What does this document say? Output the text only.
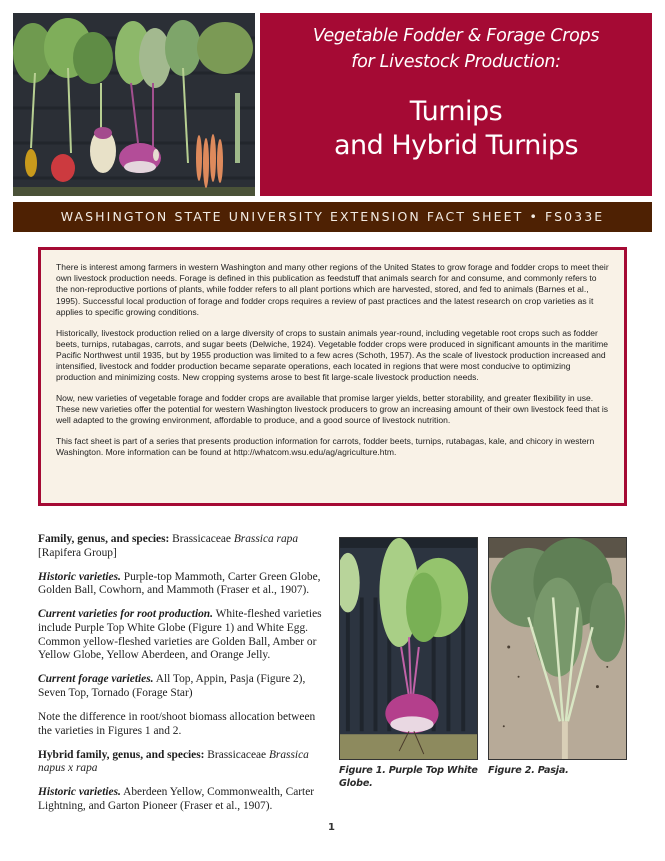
Vegetable Fodder & Forage Crops
for Livestock Production:
Turnips
and Hybrid Turnips
WASHINGTON STATE UNIVERSITY EXTENSION FACT SHEET • FS033E

There is interest among farmers in western Washington and many other regions of the United States to grow forage and fodder crops to meet their own livestock production needs. Forage is defined in this publication as feedstuff that animals search for and consume, and commonly refers to the non-reproductive portions of plants, while fodder refers to all plant portions which are harvested, stored, and fed to animals (Barnes et al., 1995). Successful local production of forage and fodder crops requires a review of past practices and the latest research on crop varieties as it applies to specific growing conditions.

Historically, livestock production relied on a large diversity of crops to sustain animals year-round, including vegetable root crops such as fodder beets, turnips, rutabagas, carrots, and sugar beets (Delwiche, 1924). Vegetable fodder crops were produced in significant amounts in the maritime Pacific Northwest until 1935, but by 1955 production was limited to a few acres (Schoth, 1957). As the scale of livestock production increased and intensified, livestock and fodder production became separate operations, each located in regions that were most conducive to optimizing production and minimizing costs. New cropping systems arose to best fit large-scale livestock production needs.

Now, new varieties of vegetable forage and fodder crops are available that promise larger yields, better storability, and greater flexibility in use. These new varieties offer the potential for western Washington livestock producers to grow an increasing amount of their own livestock feed that is well adapted to the growing environment, affordable to produce, and a good source of livestock nutrition.

This fact sheet is part of a series that presents production information for carrots, fodder beets, turnips, rutabagas, kale, and chicory in western Washington. More information can be found at http://whatcom.wsu.edu/ag/agriculture.htm.

Family, genus, and species: Brassicaceae Brassica rapa [Rapifera Group]

Historic varieties. Purple-top Mammoth, Carter Green Globe, Golden Ball, Cowhorn, and Mammoth (Fraser et al., 1907).

Current varieties for root production. White-fleshed varieties include Purple Top White Globe (Figure 1) and White Egg. Common yellow-fleshed varieties are Golden Ball, Amber or Yellow Globe, Yellow Aberdeen, and Orange Jelly.

Current forage varieties. All Top, Appin, Pasja (Figure 2), Seven Top, Tornado (Forage Star)

Note the difference in root/shoot biomass allocation between the varieties in Figures 1 and 2.

Hybrid family, genus, and species: Brassicaceae Brassica napus x rapa

Historic varieties. Aberdeen Yellow, Commonwealth, Carter Lightning, and Garton Pioneer (Fraser et al., 1907).

Figure 1. Purple Top White Globe.
Figure 2. Pasja.
1
